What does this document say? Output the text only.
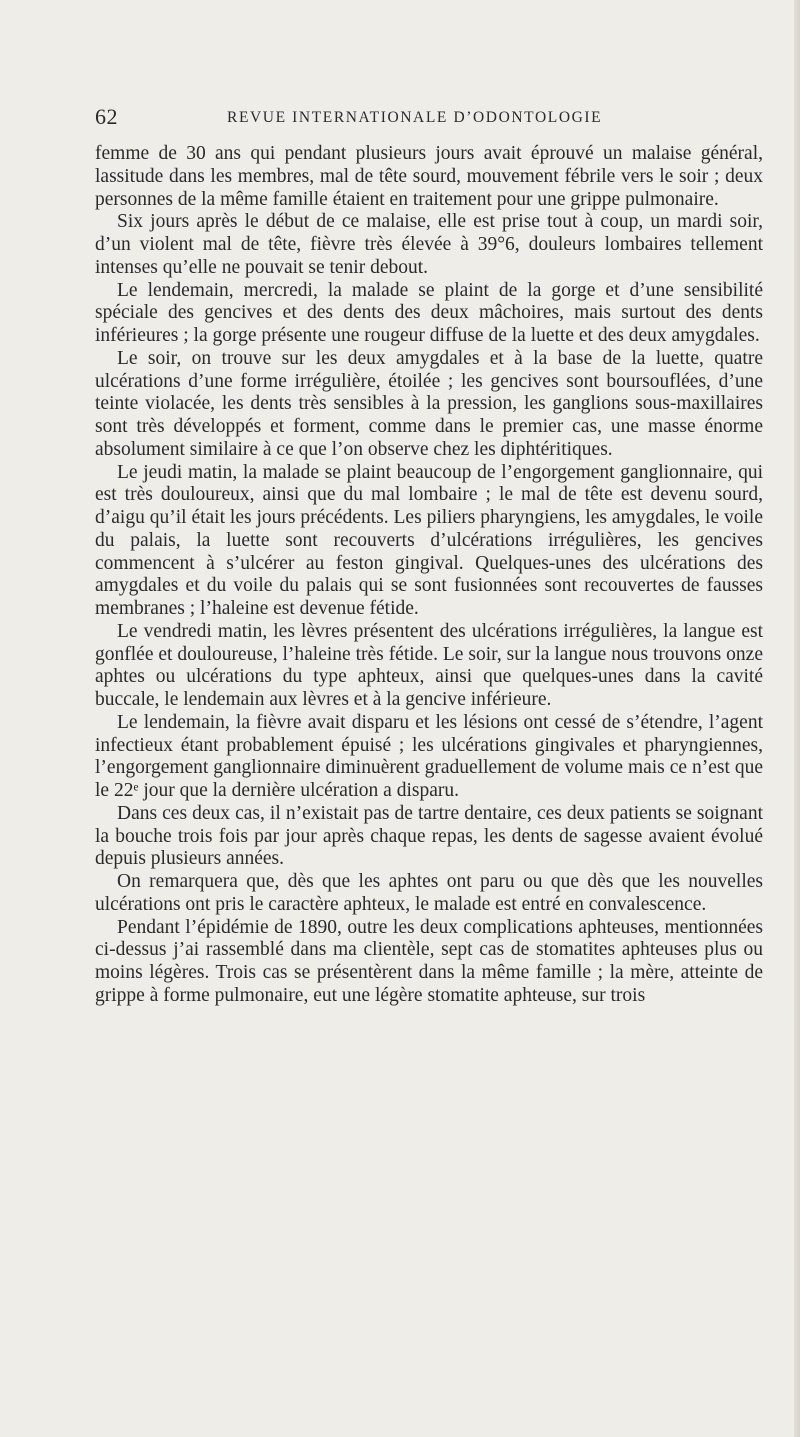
62	REVUE INTERNATIONALE D’ODONTOLOGIE

femme de 30 ans qui pendant plusieurs jours avait éprouvé un malaise général, lassitude dans les membres, mal de tête sourd, mouvement fébrile vers le soir ; deux personnes de la même famille étaient en traitement pour une grippe pulmonaire.

Six jours après le début de ce malaise, elle est prise tout à coup, un mardi soir, d’un violent mal de tête, fièvre très élevée à 39°6, douleurs lombaires tellement intenses qu’elle ne pouvait se tenir debout.

Le lendemain, mercredi, la malade se plaint de la gorge et d’une sensibilité spéciale des gencives et des dents des deux mâchoires, mais surtout des dents inférieures ; la gorge présente une rougeur diffuse de la luette et des deux amygdales.

Le soir, on trouve sur les deux amygdales et à la base de la luette, quatre ulcérations d’une forme irrégulière, étoilée ; les gencives sont boursouflées, d’une teinte violacée, les dents très sensibles à la pression, les ganglions sous-maxillaires sont très développés et forment, comme dans le premier cas, une masse énorme absolument similaire à ce que l’on observe chez les diphtéritiques.

Le jeudi matin, la malade se plaint beaucoup de l’engorgement ganglionnaire, qui est très douloureux, ainsi que du mal lombaire ; le mal de tête est devenu sourd, d’aigu qu’il était les jours précédents. Les piliers pharyngiens, les amygdales, le voile du palais, la luette sont recouverts d’ulcérations irrégulières, les gencives commencent à s’ulcérer au feston gingival. Quelques-unes des ulcérations des amygdales et du voile du palais qui se sont fusionnées sont recouvertes de fausses membranes ; l’haleine est devenue fétide.

Le vendredi matin, les lèvres présentent des ulcérations irrégulières, la langue est gonflée et douloureuse, l’haleine très fétide. Le soir, sur la langue nous trouvons onze aphtes ou ulcérations du type aphteux, ainsi que quelques-unes dans la cavité buccale, le lendemain aux lèvres et à la gencive inférieure.

Le lendemain, la fièvre avait disparu et les lésions ont cessé de s’étendre, l’agent infectieux étant probablement épuisé ; les ulcérations gingivales et pharyngiennes, l’engorgement ganglionnaire diminuèrent graduellement de volume mais ce n’est que le 22ᵉ jour que la dernière ulcération a disparu.

Dans ces deux cas, il n’existait pas de tartre dentaire, ces deux patients se soignant la bouche trois fois par jour après chaque repas, les dents de sagesse avaient évolué depuis plusieurs années.

On remarquera que, dès que les aphtes ont paru ou que dès que les nouvelles ulcérations ont pris le caractère aphteux, le malade est entré en convalescence.

Pendant l’épidémie de 1890, outre les deux complications aphteuses, mentionnées ci-dessus j’ai rassemblé dans ma clientèle, sept cas de stomatites aphteuses plus ou moins légères. Trois cas se présentèrent dans la même famille ; la mère, atteinte de grippe à forme pulmonaire, eut une légère stomatite aphteuse, sur trois
